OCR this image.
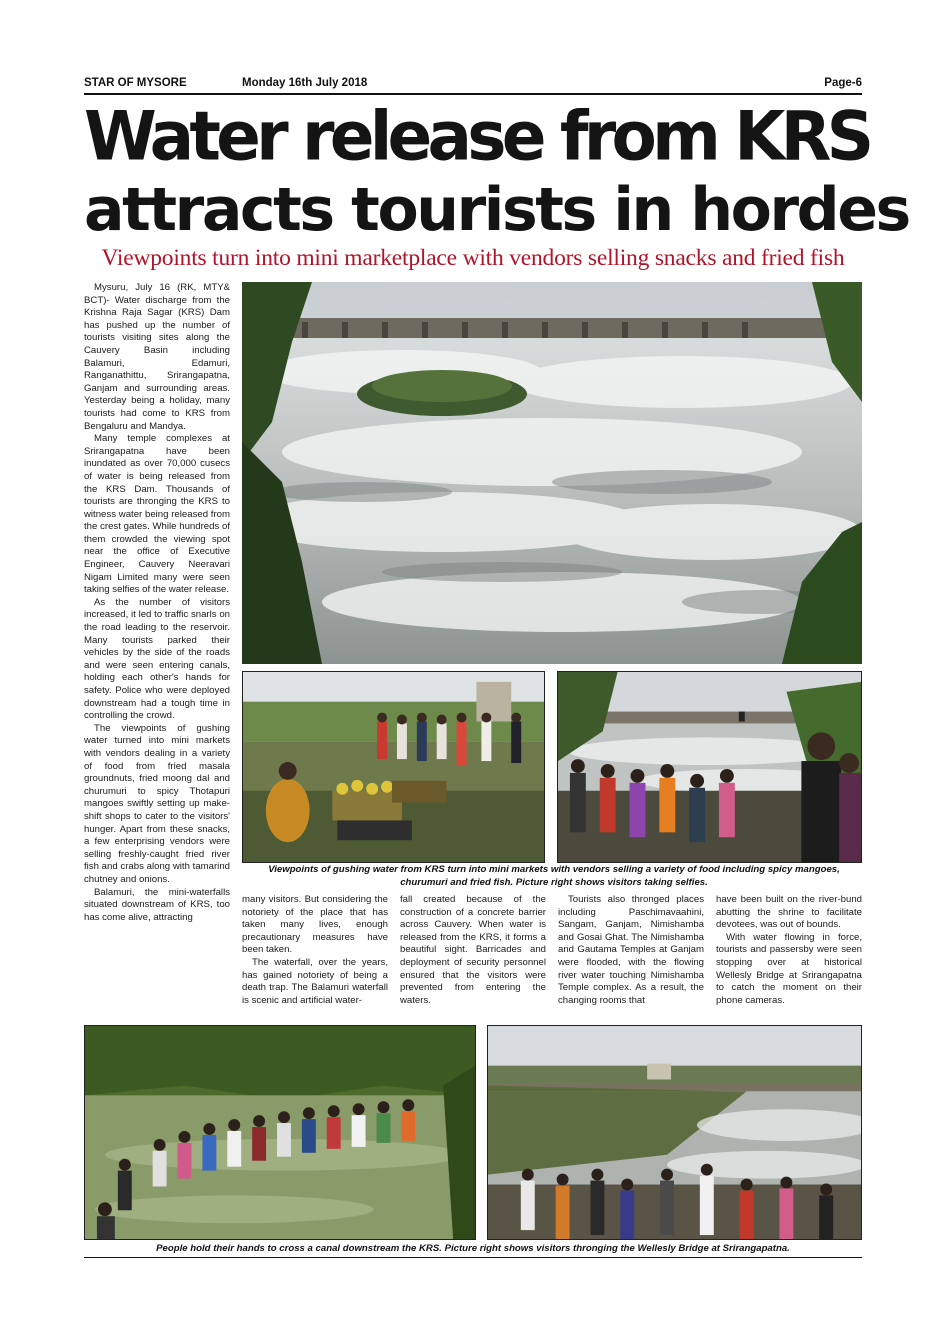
STAR OF MYSORE	Monday 16th July 2018	Page-6
Water release from KRS
attracts tourists in hordes
Viewpoints turn into mini marketplace with vendors selling snacks and fried fish

Mysuru, July 16 (RK, MTY& BCT)- Water discharge from the Krishna Raja Sagar (KRS) Dam has pushed up the number of tourists visiting sites along the Cauvery Basin including Balamuri, Edamuri, Ranganathittu, Srirangapatna, Ganjam and surrounding areas. Yesterday being a holiday, many tourists had come to KRS from Bengaluru and Mandya.

Many temple complexes at Srirangapatna have been inundated as over 70,000 cusecs of water is being released from the KRS Dam. Thousands of tourists are thronging the KRS to witness water being released from the crest gates. While hundreds of them crowded the viewing spot near the office of Executive Engineer, Cauvery Neeravari Nigam Limited many were seen taking selfies of the water release.

As the number of visitors increased, it led to traffic snarls on the road leading to the reservoir. Many tourists parked their vehicles by the side of the roads and were seen entering canals, holding each other's hands for safety. Police who were deployed downstream had a tough time in controlling the crowd.

The viewpoints of gushing water turned into mini markets with vendors dealing in a variety of food from fried masala groundnuts, fried moong dal and churumuri to spicy Thotapuri mangoes swiftly setting up make-shift shops to cater to the visitors' hunger. Apart from these snacks, a few enterprising vendors were selling freshly-caught fried river fish and crabs along with tamarind chutney and onions.

Balamuri, the mini-waterfalls situated downstream of KRS, too has come alive, attracting

Viewpoints of gushing water from KRS turn into mini markets with vendors selling a variety of food including spicy mangoes, churumuri and fried fish. Picture right shows visitors taking selfies.

many visitors. But considering the notoriety of the place that has taken many lives, enough precautionary measures have been taken.

The waterfall, over the years, has gained notoriety of being a death trap. The Balamuri waterfall is scenic and artificial water-

fall created because of the construction of a concrete barrier across Cauvery. When water is released from the KRS, it forms a beautiful sight. Barricades and deployment of security personnel ensured that the visitors were prevented from entering the waters.

Tourists also thronged places including Paschimavaahini, Sangam, Ganjam, Nimishamba and Gosai Ghat. The Nimishamba and Gautama Temples at Ganjam were flooded, with the flowing river water touching Nimishamba Temple complex. As a result, the changing rooms that

have been built on the river-bund abutting the shrine to facilitate devotees, was out of bounds.

With water flowing in force, tourists and passersby were seen stopping over at historical Wellesly Bridge at Srirangapatna to catch the moment on their phone cameras.

People hold their hands to cross a canal downstream the KRS. Picture right shows visitors thronging the Wellesly Bridge at Srirangapatna.
